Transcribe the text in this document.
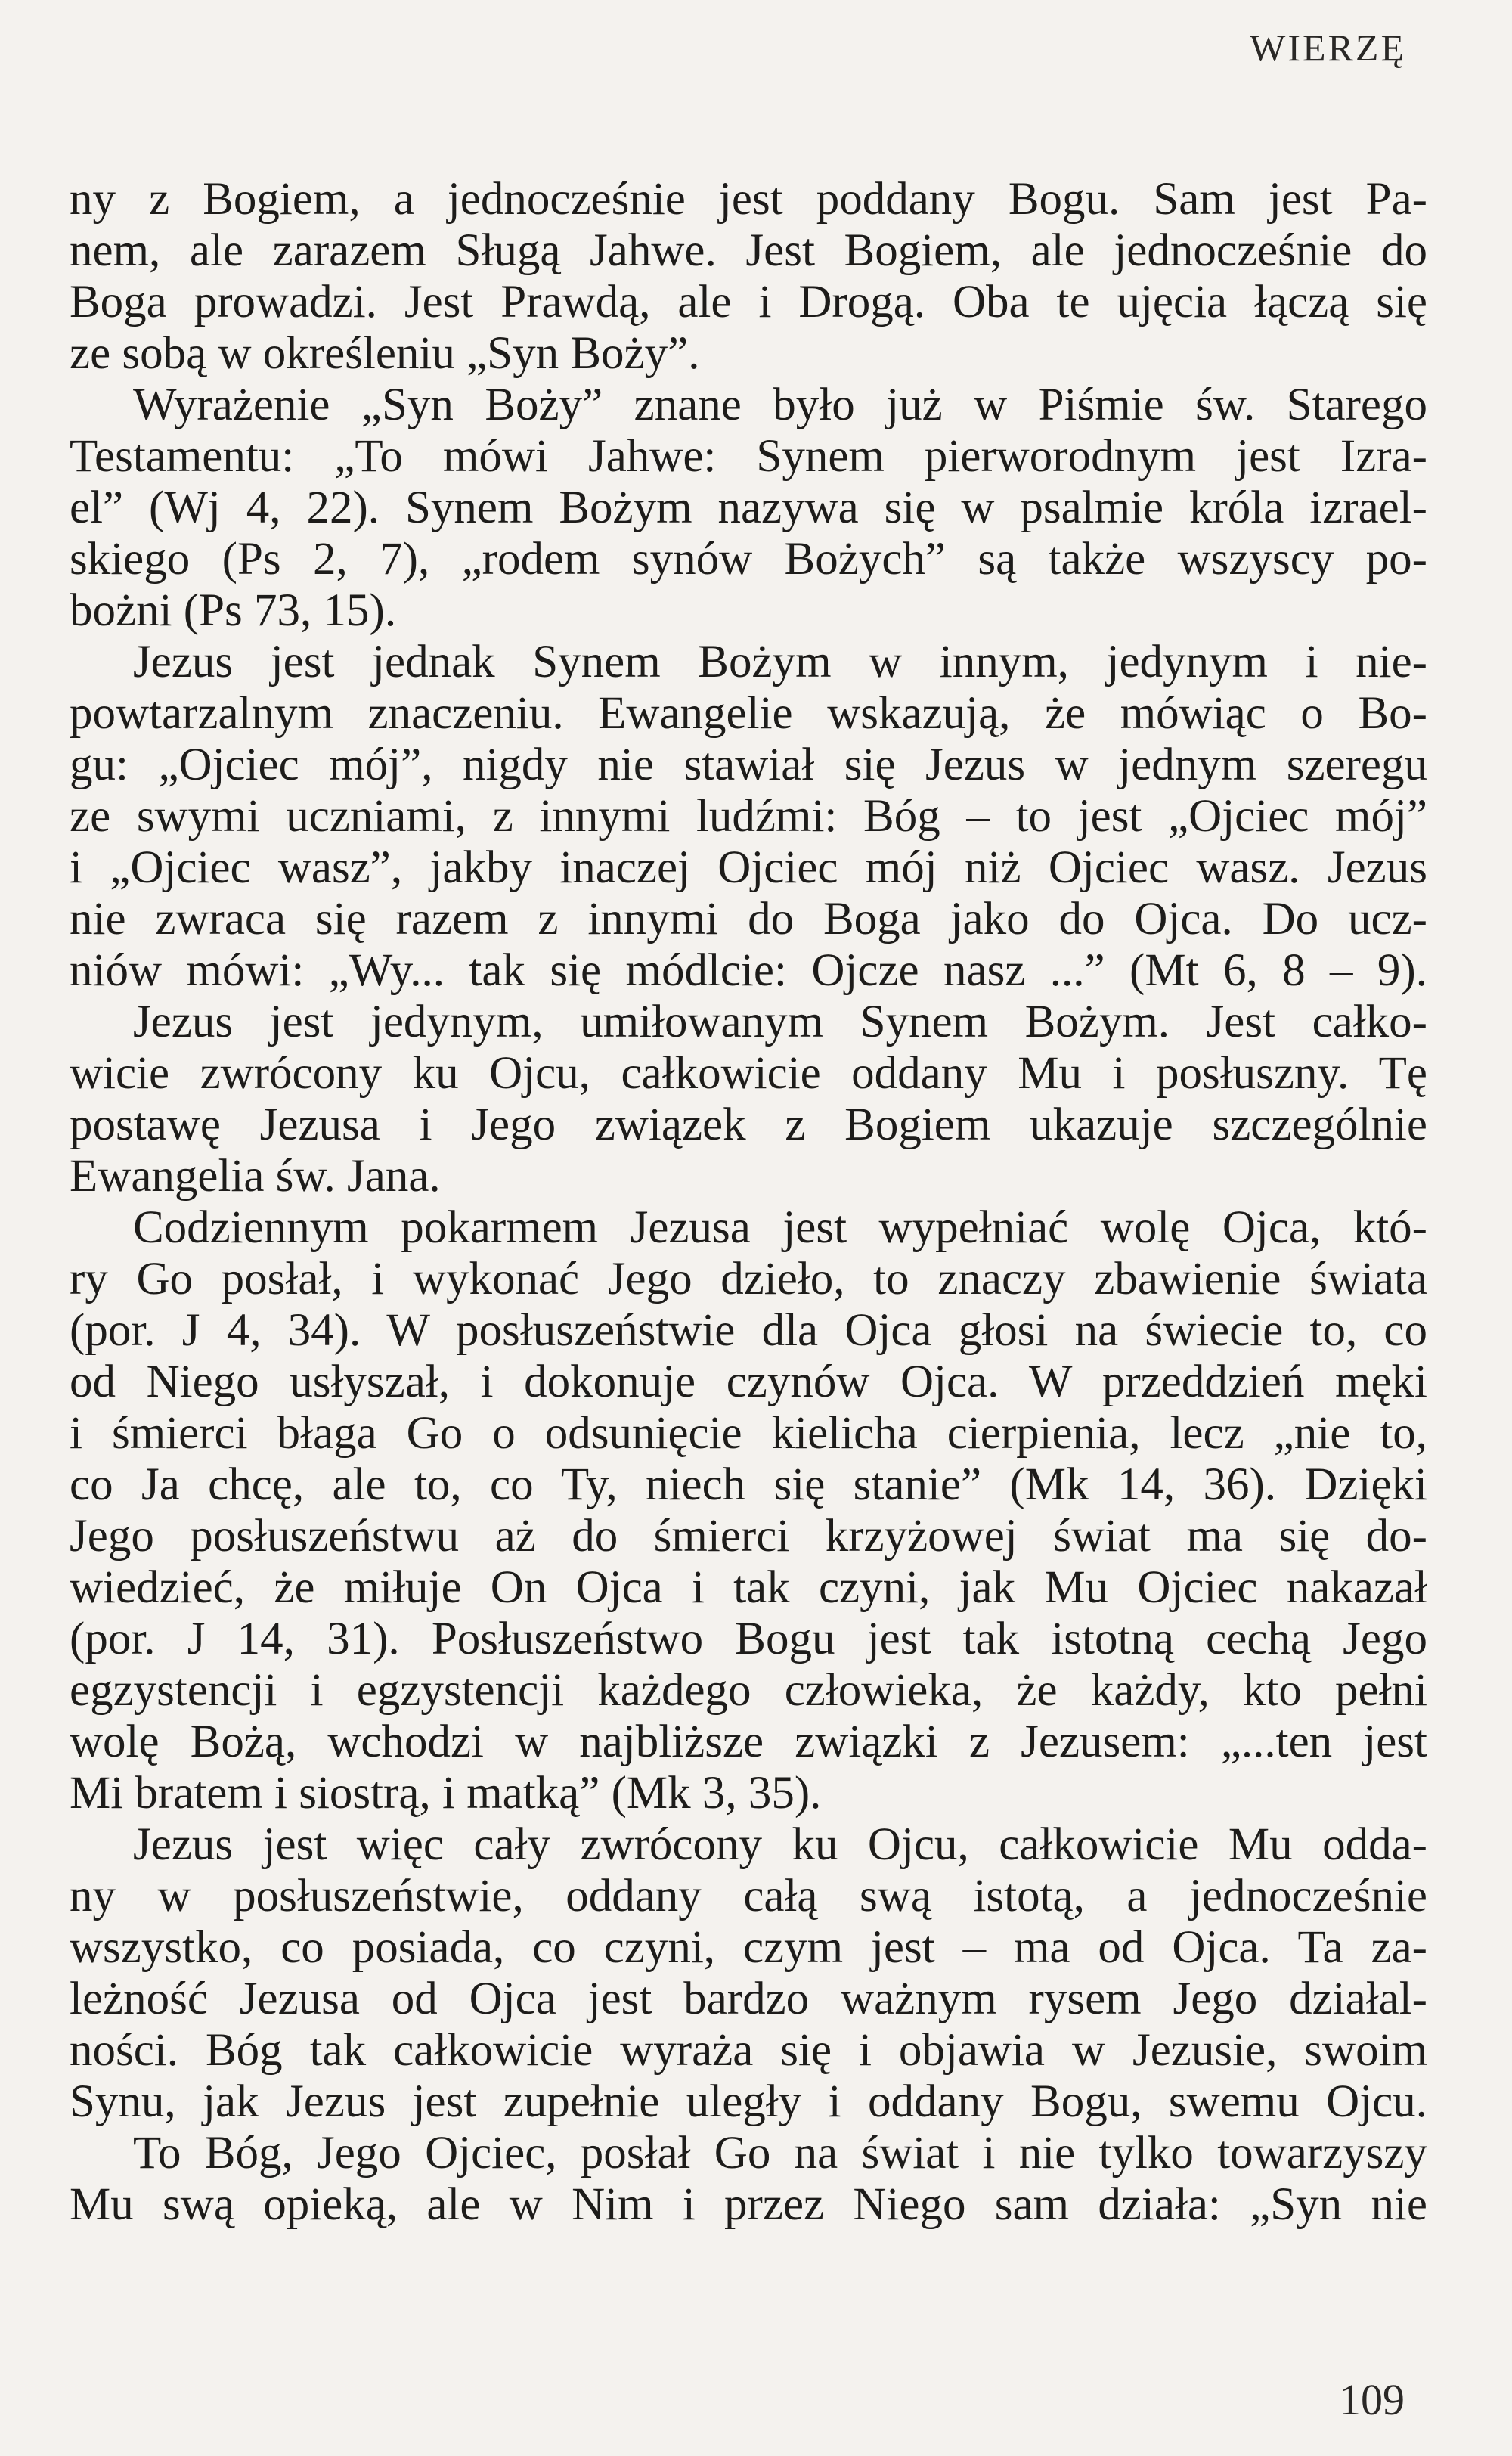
WIERZĘ
ny z Bogiem, a jednocześnie jest poddany Bogu. Sam jest Pa-
nem, ale zarazem Sługą Jahwe. Jest Bogiem, ale jednocześnie do
Boga prowadzi. Jest Prawdą, ale i Drogą. Oba te ujęcia łączą się
ze sobą w określeniu „Syn Boży”.
Wyrażenie „Syn Boży” znane było już w Piśmie św. Starego
Testamentu: „To mówi Jahwe: Synem pierworodnym jest Izra-
el” (Wj 4, 22). Synem Bożym nazywa się w psalmie króla izrael-
skiego (Ps 2, 7), „rodem synów Bożych” są także wszyscy po-
bożni (Ps 73, 15).
Jezus jest jednak Synem Bożym w innym, jedynym i nie-
powtarzalnym znaczeniu. Ewangelie wskazują, że mówiąc o Bo-
gu: „Ojciec mój”, nigdy nie stawiał się Jezus w jednym szeregu
ze swymi uczniami, z innymi ludźmi: Bóg – to jest „Ojciec mój”
i „Ojciec wasz”, jakby inaczej Ojciec mój niż Ojciec wasz. Jezus
nie zwraca się razem z innymi do Boga jako do Ojca. Do ucz-
niów mówi: „Wy... tak się módlcie: Ojcze nasz ...” (Mt 6, 8 – 9).
Jezus jest jedynym, umiłowanym Synem Bożym. Jest całko-
wicie zwrócony ku Ojcu, całkowicie oddany Mu i posłuszny. Tę
postawę Jezusa i Jego związek z Bogiem ukazuje szczególnie
Ewangelia św. Jana.
Codziennym pokarmem Jezusa jest wypełniać wolę Ojca, któ-
ry Go posłał, i wykonać Jego dzieło, to znaczy zbawienie świata
(por. J 4, 34). W posłuszeństwie dla Ojca głosi na świecie to, co
od Niego usłyszał, i dokonuje czynów Ojca. W przeddzień męki
i śmierci błaga Go o odsunięcie kielicha cierpienia, lecz „nie to,
co Ja chcę, ale to, co Ty, niech się stanie” (Mk 14, 36). Dzięki
Jego posłuszeństwu aż do śmierci krzyżowej świat ma się do-
wiedzieć, że miłuje On Ojca i tak czyni, jak Mu Ojciec nakazał
(por. J 14, 31). Posłuszeństwo Bogu jest tak istotną cechą Jego
egzystencji i egzystencji każdego człowieka, że każdy, kto pełni
wolę Bożą, wchodzi w najbliższe związki z Jezusem: „...ten jest
Mi bratem i siostrą, i matką” (Mk 3, 35).
Jezus jest więc cały zwrócony ku Ojcu, całkowicie Mu odda-
ny w posłuszeństwie, oddany całą swą istotą, a jednocześnie
wszystko, co posiada, co czyni, czym jest – ma od Ojca. Ta za-
leżność Jezusa od Ojca jest bardzo ważnym rysem Jego działal-
ności. Bóg tak całkowicie wyraża się i objawia w Jezusie, swoim
Synu, jak Jezus jest zupełnie uległy i oddany Bogu, swemu Ojcu.
To Bóg, Jego Ojciec, posłał Go na świat i nie tylko towarzyszy
Mu swą opieką, ale w Nim i przez Niego sam działa: „Syn nie
109
